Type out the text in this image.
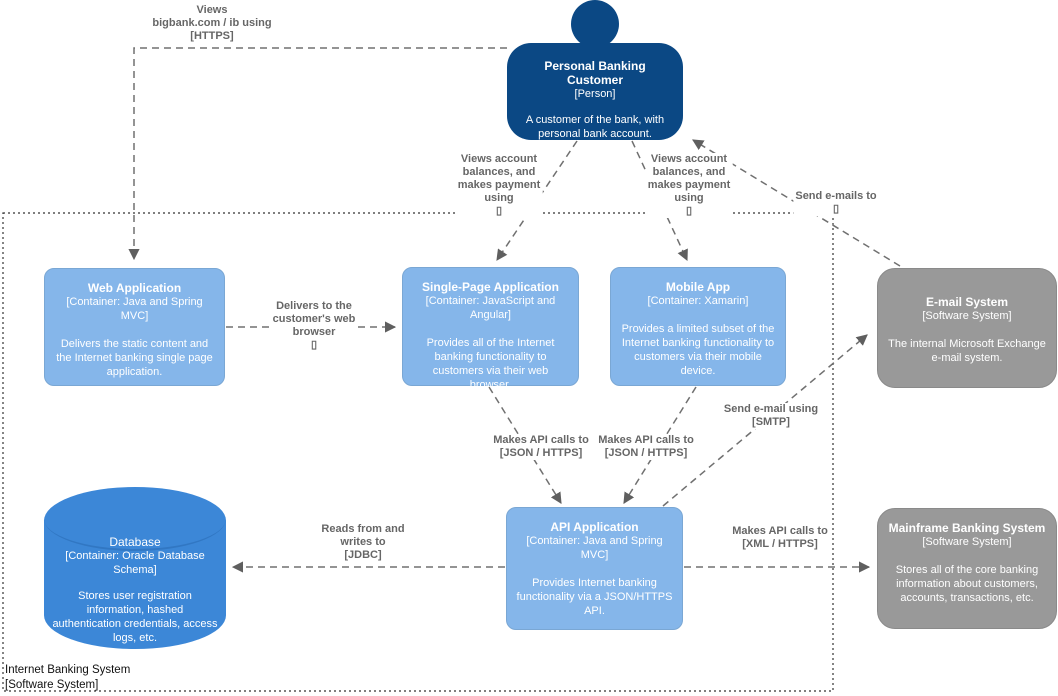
Personal Banking Customer
[Person]
A customer of the bank, with personal bank account.
Web Application
[Container: Java and Spring MVC]
Delivers the static content and the Internet banking single page application.
Single-Page Application
[Container: JavaScript and Angular]
Provides all of the Internet banking functionality to customers via their web browser.
Mobile App
[Container: Xamarin]
Provides a limited subset of the Internet banking functionality to customers via their mobile device.
E-mail System
[Software System]
The internal Microsoft Exchange e-mail system.
Database
[Container: Oracle Database Schema]
Stores user registration information, hashed authentication credentials, access logs, etc.
API Application
[Container: Java and Spring MVC]
Provides Internet banking functionality via a JSON/HTTPS API.
Mainframe Banking System
[Software System]
Stores all of the core banking information about customers, accounts, transactions, etc.
Views
bigbank.com / ib using
[HTTPS]
Views account
balances, and
makes payment
using
▯
Views account
balances, and
makes payment
using
▯
Send e-mails to
▯
Delivers to the
customer's web
browser
▯
Makes API calls to
[JSON / HTTPS]
Makes API calls to
[JSON / HTTPS]
Send e-mail using
[SMTP]
Reads from and
writes to
[JDBC]
Makes API calls to
[XML / HTTPS]
Internet Banking System
[Software System]
